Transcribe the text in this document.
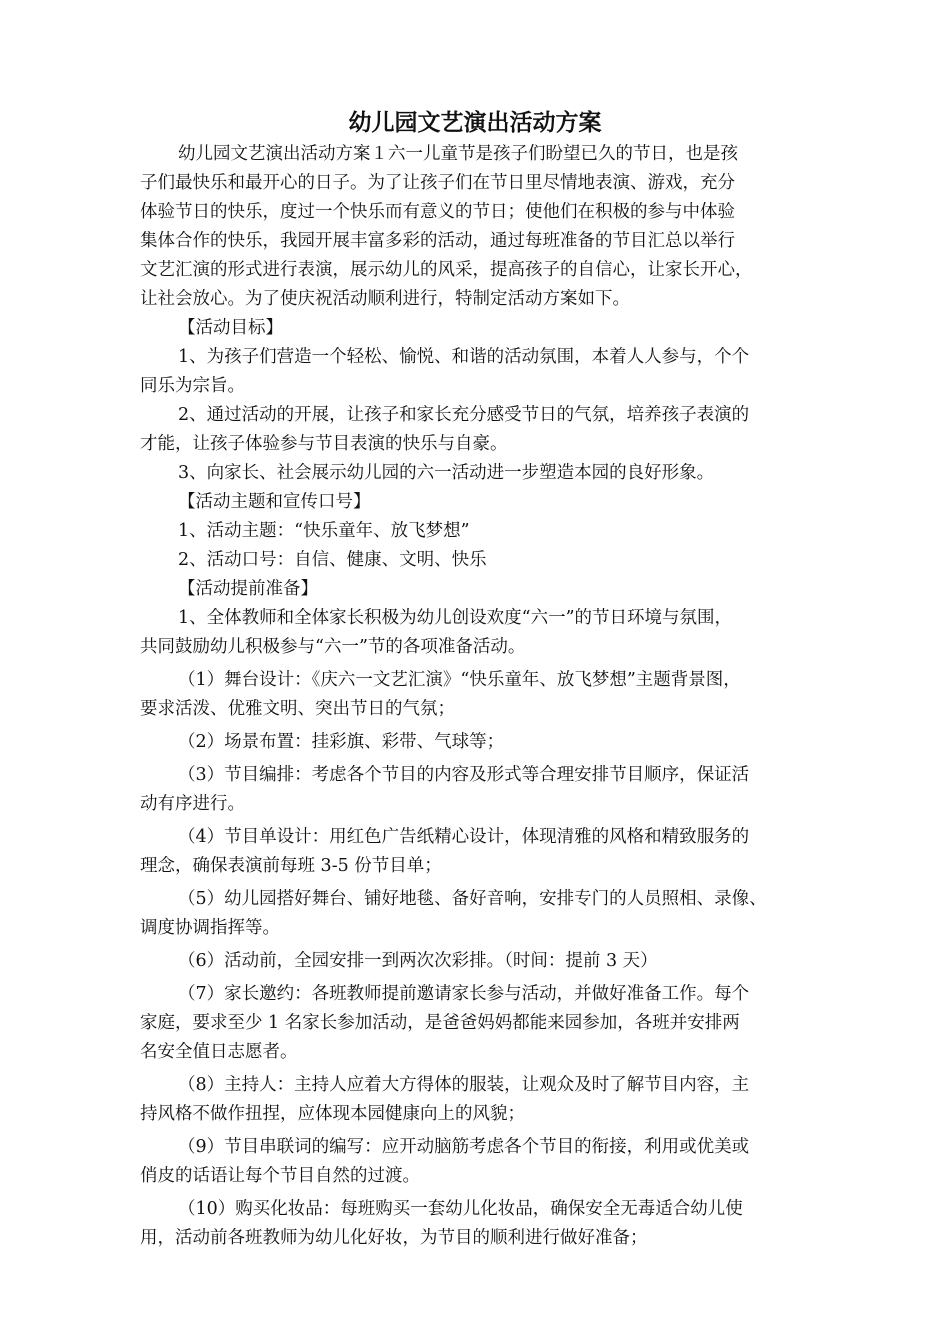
幼儿园文艺演出活动方案
幼儿园文艺演出活动方案１六一儿童节是孩子们盼望已久的节日，也是孩
子们最快乐和最开心的日子。为了让孩子们在节日里尽情地表演、游戏，充分
体验节日的快乐，度过一个快乐而有意义的节日；使他们在积极的参与中体验
集体合作的快乐，我园开展丰富多彩的活动，通过每班准备的节目汇总以举行
文艺汇演的形式进行表演，展示幼儿的风采，提高孩子的自信心，让家长开心，
让社会放心。为了使庆祝活动顺利进行，特制定活动方案如下。
【活动目标】
1、为孩子们营造一个轻松、愉悦、和谐的活动氛围，本着人人参与，个个
同乐为宗旨。
2、通过活动的开展，让孩子和家长充分感受节日的气氛，培养孩子表演的
才能，让孩子体验参与节目表演的快乐与自豪。
3、向家长、社会展示幼儿园的六一活动进一步塑造本园的良好形象。
【活动主题和宣传口号】
1、活动主题：“快乐童年、放飞梦想”
2、活动口号：自信、健康、文明、快乐
【活动提前准备】
1、全体教师和全体家长积极为幼儿创设欢度“六一”的节日环境与氛围，
共同鼓励幼儿积极参与“六一”节的各项准备活动。
（1）舞台设计：《庆六一文艺汇演》“快乐童年、放飞梦想”主题背景图，
要求活泼、优雅文明、突出节日的气氛；
（2）场景布置：挂彩旗、彩带、气球等；
（3）节目编排：考虑各个节目的内容及形式等合理安排节目顺序，保证活
动有序进行。
（4）节目单设计：用红色广告纸精心设计，体现清雅的风格和精致服务的
理念，确保表演前每班 3-5 份节目单；
（5）幼儿园搭好舞台、铺好地毯、备好音响，安排专门的人员照相、录像、
调度协调指挥等。
（6）活动前，全园安排一到两次次彩排。（时间：提前 3 天）
（7）家长邀约：各班教师提前邀请家长参与活动，并做好准备工作。每个
家庭，要求至少 1 名家长参加活动，是爸爸妈妈都能来园参加，各班并安排两
名安全值日志愿者。
（8）主持人：主持人应着大方得体的服装，让观众及时了解节目内容，主
持风格不做作扭捏，应体现本园健康向上的风貌；
（9）节目串联词的编写：应开动脑筋考虑各个节目的衔接，利用或优美或
俏皮的话语让每个节目自然的过渡。
（10）购买化妆品：每班购买一套幼儿化妆品，确保安全无毒适合幼儿使
用，活动前各班教师为幼儿化好妆，为节目的顺利进行做好准备；
